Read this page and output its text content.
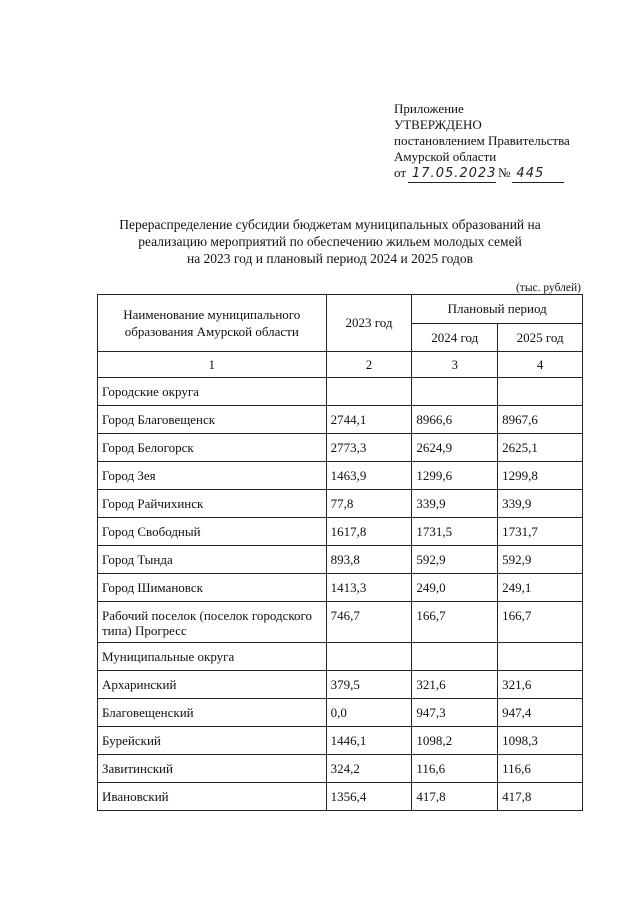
Приложение
УТВЕРЖДЕНО
постановлением Правительства
Амурской области
от 17.05.2023 № 445
Перераспределение субсидии бюджетам муниципальных образований на
реализацию мероприятий по обеспечению жильем молодых семей
на 2023 год и плановый период 2024 и 2025 годов
(тыс. рублей)
Наименование муниципального образования Амурской области	2023 год	Плановый период	
		2024 год	2025 год
1	2	3	4
Городские округа			
Город Благовещенск	2744,1	8966,6	8967,6
Город Белогорск	2773,3	2624,9	2625,1
Город Зея	1463,9	1299,6	1299,8
Город Райчихинск	77,8	339,9	339,9
Город Свободный	1617,8	1731,5	1731,7
Город Тында	893,8	592,9	592,9
Город Шимановск	1413,3	249,0	249,1
Рабочий поселок (поселок городского типа) Прогресс	746,7	166,7	166,7
Муниципальные округа			
Архаринский	379,5	321,6	321,6
Благовещенский	0,0	947,3	947,4
Бурейский	1446,1	1098,2	1098,3
Завитинский	324,2	116,6	116,6
Ивановский	1356,4	417,8	417,8
